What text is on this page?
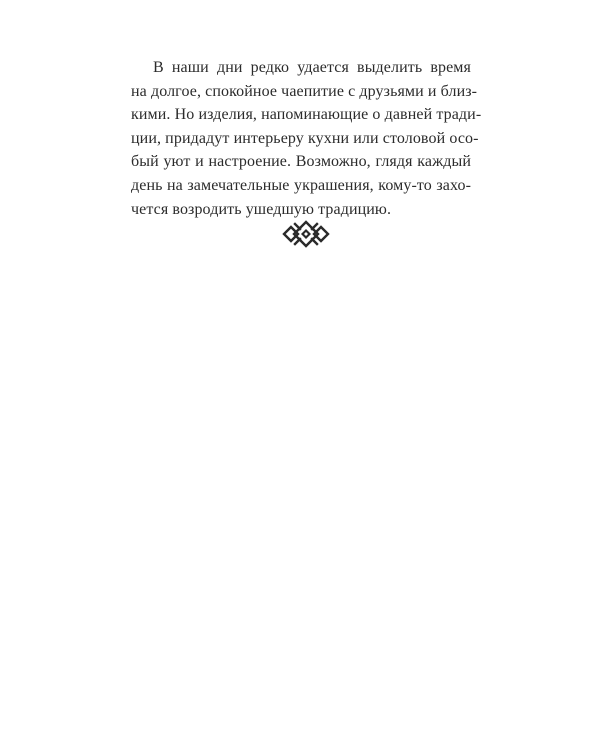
В наши дни редко удается выделить время
на долгое, спокойное чаепитие с друзьями и близ-
кими. Но изделия, напоминающие о давней тради-
ции, придадут интерьеру кухни или столовой осо-
бый уют и настроение. Возможно, глядя каждый
день на замечательные украшения, кому-то захо-
чется возродить ушедшую традицию.
